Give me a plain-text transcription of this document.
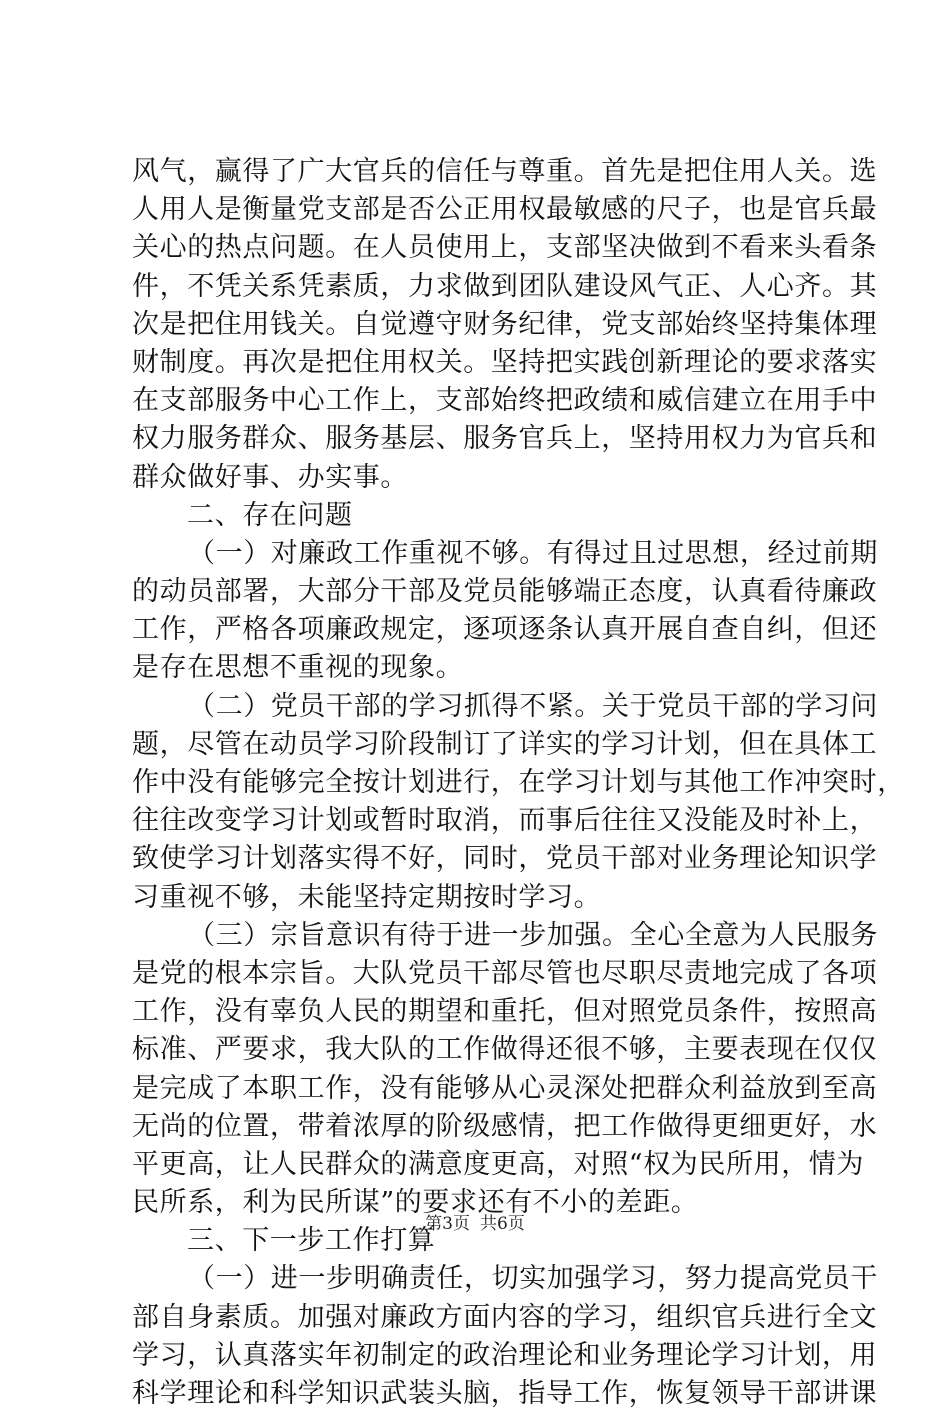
风气，赢得了广大官兵的信任与尊重。首先是把住用人关。选
人用人是衡量党支部是否公正用权最敏感的尺子，也是官兵最
关心的热点问题。在人员使用上，支部坚决做到不看来头看条
件，不凭关系凭素质，力求做到团队建设风气正、人心齐。其
次是把住用钱关。自觉遵守财务纪律，党支部始终坚持集体理
财制度。再次是把住用权关。坚持把实践创新理论的要求落实
在支部服务中心工作上，支部始终把政绩和威信建立在用手中
权力服务群众、服务基层、服务官兵上，坚持用权力为官兵和
群众做好事、办实事。
二、存在问题
（一）对廉政工作重视不够。有得过且过思想，经过前期
的动员部署，大部分干部及党员能够端正态度，认真看待廉政
工作，严格各项廉政规定，逐项逐条认真开展自查自纠，但还
是存在思想不重视的现象。
（二）党员干部的学习抓得不紧。关于党员干部的学习问
题，尽管在动员学习阶段制订了详实的学习计划，但在具体工
作中没有能够完全按计划进行，在学习计划与其他工作冲突时，
往往改变学习计划或暂时取消，而事后往往又没能及时补上，
致使学习计划落实得不好，同时，党员干部对业务理论知识学
习重视不够，未能坚持定期按时学习。
（三）宗旨意识有待于进一步加强。全心全意为人民服务
是党的根本宗旨。大队党员干部尽管也尽职尽责地完成了各项
工作，没有辜负人民的期望和重托，但对照党员条件，按照高
标准、严要求，我大队的工作做得还很不够，主要表现在仅仅
是完成了本职工作，没有能够从心灵深处把群众利益放到至高
无尚的位置，带着浓厚的阶级感情，把工作做得更细更好，水
平更高，让人民群众的满意度更高，对照“权为民所用，情为
民所系，利为民所谋”的要求还有不小的差距。
三、下一步工作打算
（一）进一步明确责任，切实加强学习，努力提高党员干
部自身素质。加强对廉政方面内容的学习，组织官兵进行全文
学习，认真落实年初制定的政治理论和业务理论学习计划，用
科学理论和科学知识武装头脑，指导工作，恢复领导干部讲课
第3页 共6页
